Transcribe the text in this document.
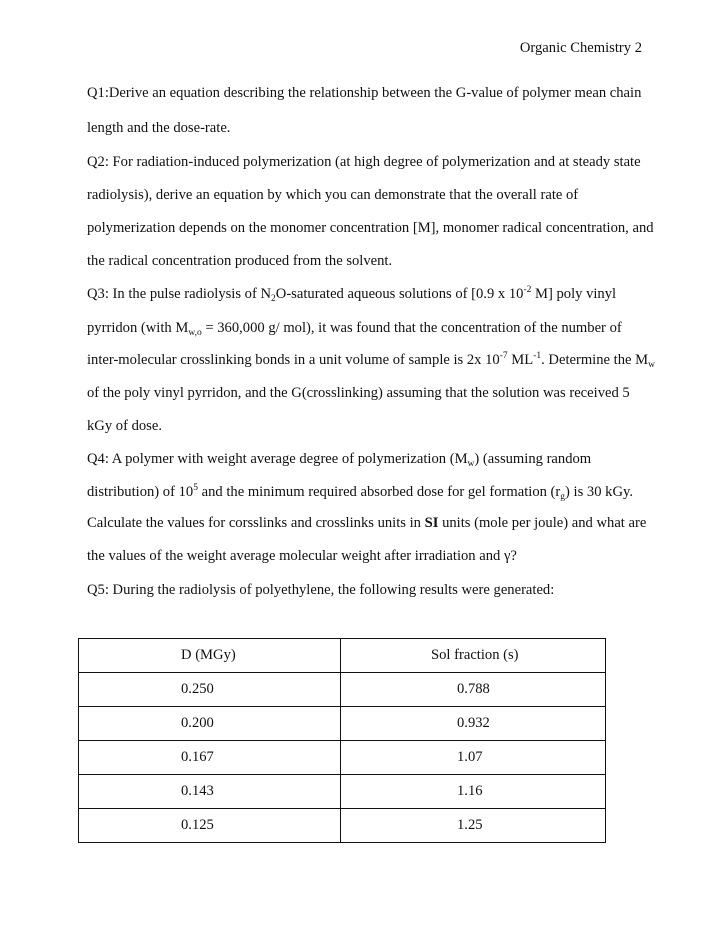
Organic Chemistry 2
Q1:Derive an equation describing the relationship between the G-value of polymer mean chain
length and the dose-rate.
Q2: For radiation-induced polymerization (at high degree of polymerization and at steady state
radiolysis), derive an equation by which you can demonstrate that the overall rate of
polymerization depends on the monomer concentration [M], monomer radical concentration, and
the radical concentration produced from the solvent.
Q3: In the pulse radiolysis of $N_2O$-saturated aqueous solutions of [0.9 x $10^{-2}$ M] poly vinyl
pyrridon (with $M_{w,o} = 360,000$ g/ mol), it was found that the concentration of the number of
inter-molecular crosslinking bonds in a unit volume of sample is 2x $10^{-7}$ $ML^{-1}$. Determine the $M_w$
of the poly vinyl pyrridon, and the G(crosslinking) assuming that the solution was received 5
kGy of dose.
Q4: A polymer with weight average degree of polymerization $(M_w)$ (assuming random
distribution) of $10^5$ and the minimum required absorbed dose for gel formation $(r_g)$ is 30 kGy.
Calculate the values for corsslinks and crosslinks units in SI units (mole per joule) and what are
the values of the weight average molecular weight after irradiation and γ?
Q5: During the radiolysis of polyethylene, the following results were generated:
D (MGy)	Sol fraction (s)
0.250	0.788
0.200	0.932
0.167	1.07
0.143	1.16
0.125	1.25
